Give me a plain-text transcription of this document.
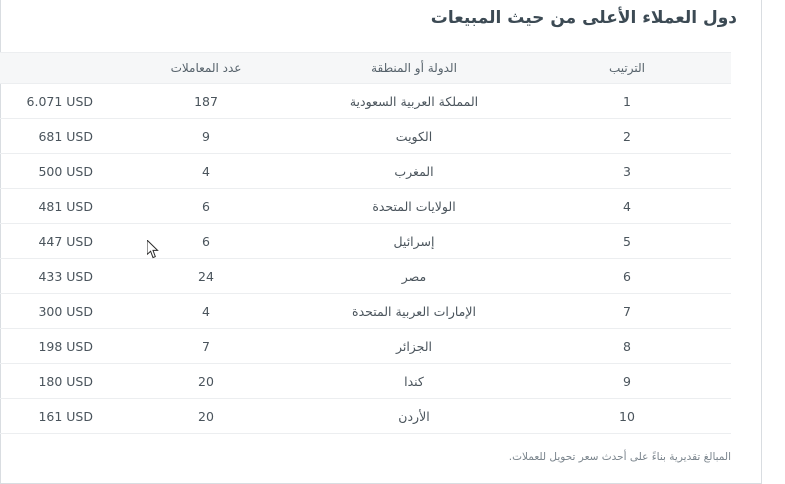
دول العملاء الأعلى من حيث المبيعات
الترتيب	الدولة أو المنطقة	عدد المعاملات	
1	المملكة العربية السعودية	187	6.071 USD
2	الكويت	9	681 USD
3	المغرب	4	500 USD
4	الولايات المتحدة	6	481 USD
5	إسرائيل	6	447 USD
6	مصر	24	433 USD
7	الإمارات العربية المتحدة	4	300 USD
8	الجزائر	7	198 USD
9	كندا	20	180 USD
10	الأردن	20	161 USD
المبالغ تقديرية بناءً على أحدث سعر تحويل للعملات.
